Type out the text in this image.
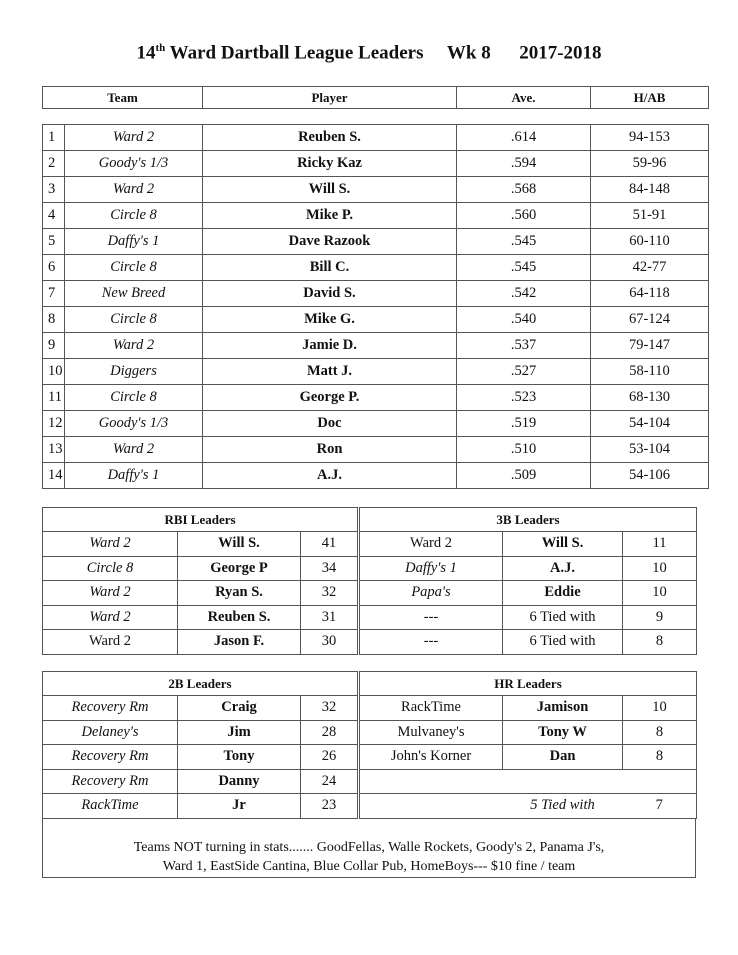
14th Ward Dartball League Leaders     Wk 8      2017-2018
Team	Player	Ave.	H/AB
1	Ward 2	Reuben S.	.614	94-153
2	Goody's 1/3	Ricky Kaz	.594	59-96
3	Ward 2	Will S.	.568	84-148
4	Circle 8	Mike P.	.560	51-91
5	Daffy's 1	Dave Razook	.545	60-110
6	Circle 8	Bill C.	.545	42-77
7	New Breed	David S.	.542	64-118
8	Circle 8	Mike G.	.540	67-124
9	Ward 2	Jamie D.	.537	79-147
10	Diggers	Matt J.	.527	58-110
11	Circle 8	George P.	.523	68-130
12	Goody's 1/3	Doc	.519	54-104
13	Ward 2	Ron	.510	53-104
14	Daffy's 1	A.J.	.509	54-106
RBI Leaders			3B Leaders		
Ward 2	Will S.	41	Ward 2	Will S.	11
Circle 8	George P	34	Daffy's 1	A.J.	10
Ward 2	Ryan S.	32	Papa's	Eddie	10
Ward 2	Reuben S.	31	---	6 Tied with	9
Ward 2	Jason F.	30	---	6 Tied with	8
2B Leaders			HR Leaders		
Recovery Rm	Craig	32	RackTime	Jamison	10
Delaney's	Jim	28	Mulvaney's	Tony W	8
Recovery Rm	Tony	26	John's Korner	Dan	8
Recovery Rm	Danny	24			
RackTime	Jr	23		5 Tied with	7
Teams NOT turning in stats....... GoodFellas, Walle Rockets, Goody's 2, Panama J's,
Ward 1, EastSide Cantina, Blue Collar Pub, HomeBoys--- $10 fine / team
